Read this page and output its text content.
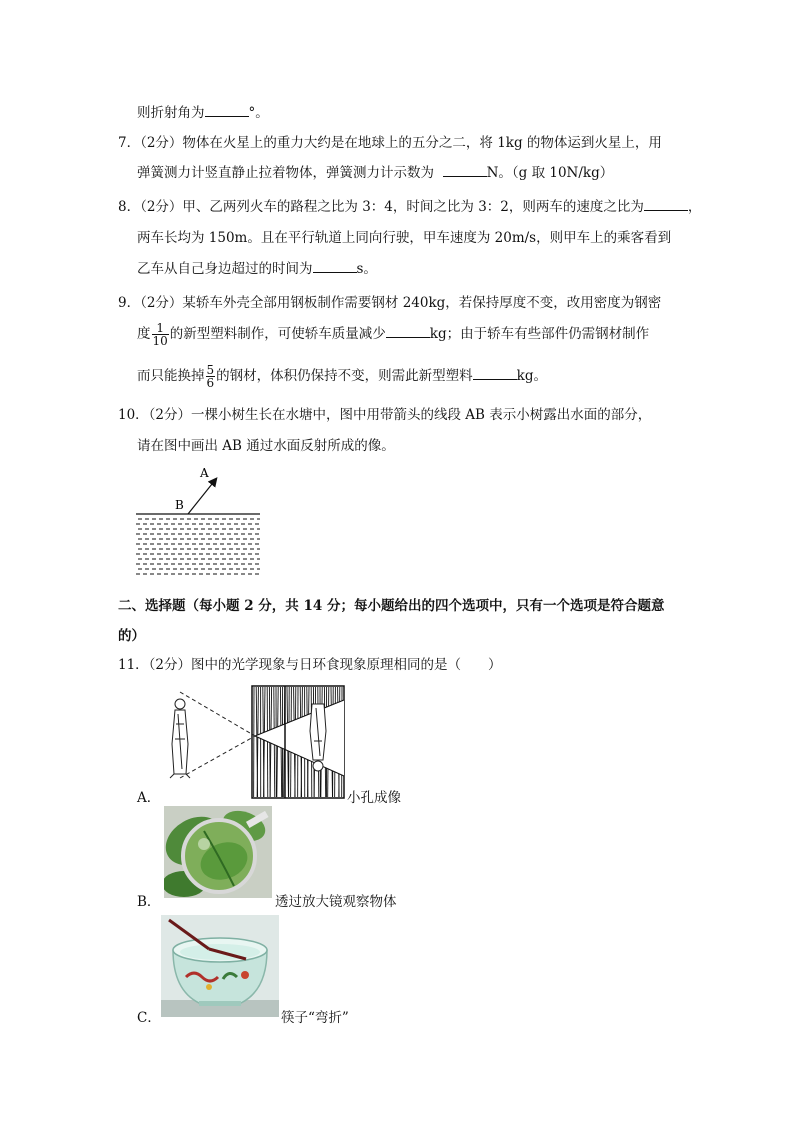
则折射角为	°。
7．（2分）物体在火星上的重力大约是在地球上的五分之二，将 1kg 的物体运到火星上，用
弹簧测力计竖直静止拉着物体，弹簧测力计示数为	N。（g 取 10N/kg）
8．（2分）甲、乙两列火车的路程之比为 3：4，时间之比为 3：2，则两车的速度之比为	，
两车长均为 150m。且在平行轨道上同向行驶，甲车速度为 20m/s，则甲车上的乘客看到
乙车从自己身边超过的时间为	s。
9．（2分）某轿车外壳全部用钢板制作需要钢材 240kg，若保持厚度不变，改用密度为钢密
度 $\frac{1}{10}$ 的新型塑料制作，可使轿车质量减少	kg；由于轿车有些部件仍需钢材制作
而只能换掉 $\frac{5}{6}$ 的钢材，体积仍保持不变，则需此新型塑料	kg。
10．（2分）一棵小树生长在水塘中，图中用带箭头的线段 AB 表示小树露出水面的部分，
请在图中画出 AB 通过水面反射所成的像。
A
B
二、选择题（每小题 2 分，共 14 分；每小题给出的四个选项中，只有一个选项是符合题意
的）
11．（2分）图中的光学现象与日环食现象原理相同的是（　　）
A．	小孔成像
B．	透过放大镜观察物体
C．	筷子“弯折”
